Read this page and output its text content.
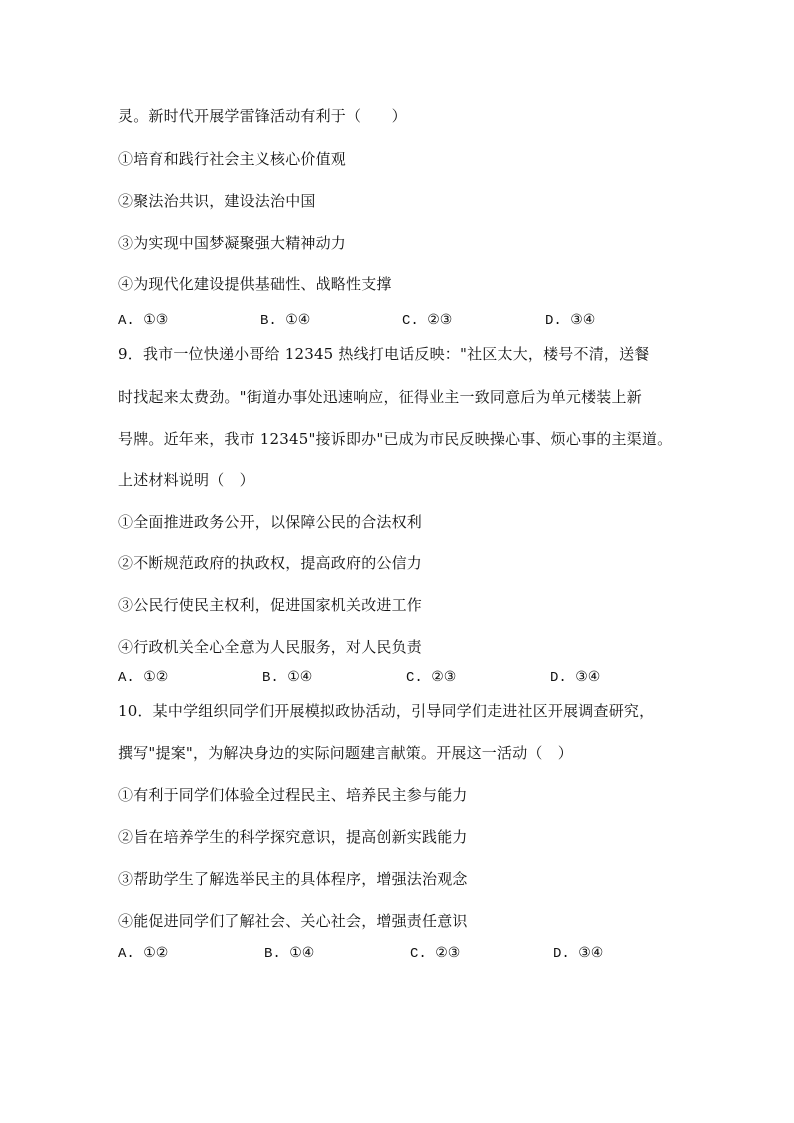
灵。新时代开展学雷锋活动有利于（　　）
①培育和践行社会主义核心价值观
②聚法治共识，建设法治中国
③为实现中国梦凝聚强大精神动力
④为现代化建设提供基础性、战略性支撑
A. ①③	B. ①④	C. ②③	D. ③④
9．我市一位快递小哥给 12345 热线打电话反映："社区太大，楼号不清，送餐
时找起来太费劲。"街道办事处迅速响应，征得业主一致同意后为单元楼装上新
号牌。近年来，我市 12345"接诉即办"已成为市民反映操心事、烦心事的主渠道。
上述材料说明（　）
①全面推进政务公开，以保障公民的合法权利
②不断规范政府的执政权，提高政府的公信力
③公民行使民主权利，促进国家机关改进工作
④行政机关全心全意为人民服务，对人民负责
A. ①②	B. ①④	C. ②③	D. ③④
10．某中学组织同学们开展模拟政协活动，引导同学们走进社区开展调查研究，
撰写"提案"，为解决身边的实际问题建言献策。开展这一活动（　）
①有利于同学们体验全过程民主、培养民主参与能力
②旨在培养学生的科学探究意识，提高创新实践能力
③帮助学生了解选举民主的具体程序，增强法治观念
④能促进同学们了解社会、关心社会，增强责任意识
A. ①②	B. ①④	C. ②③	D. ③④
